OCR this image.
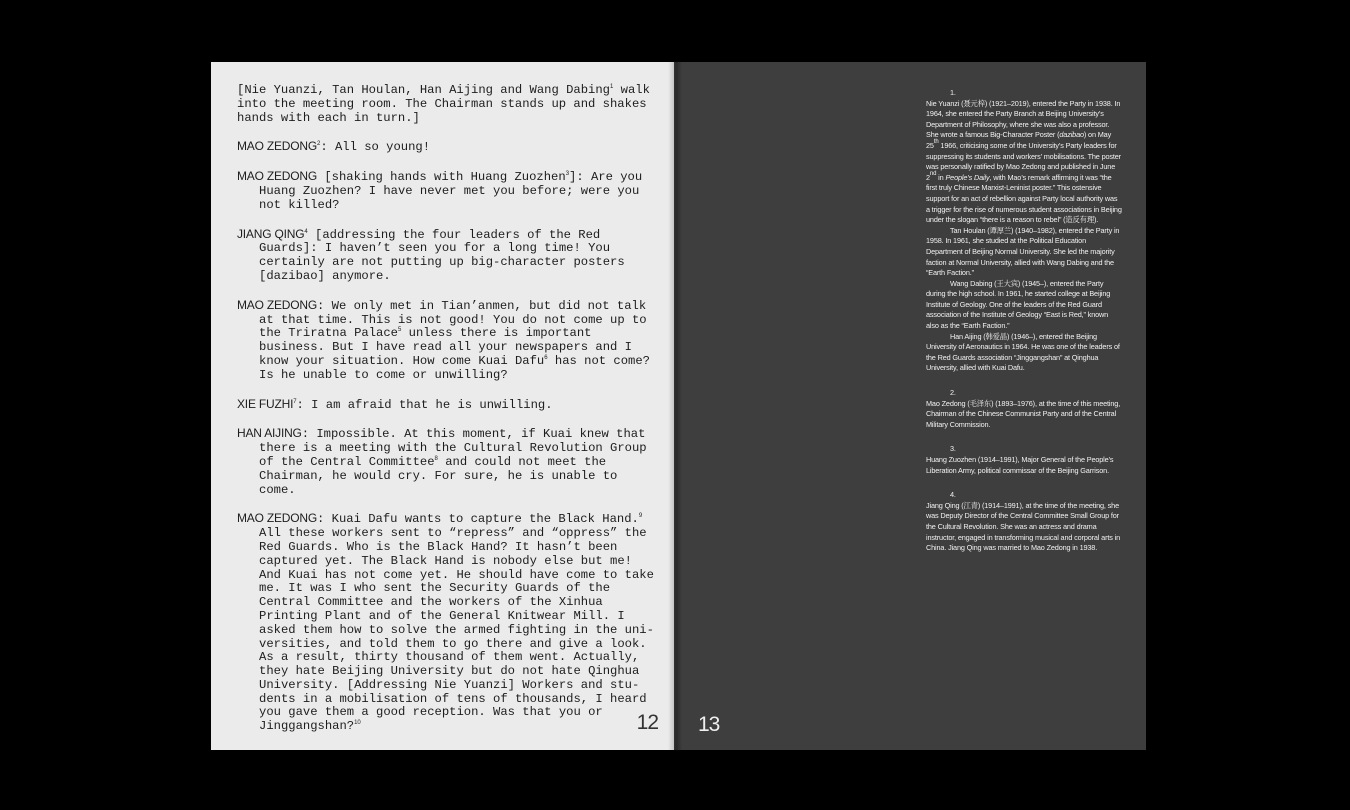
[Nie Yuanzi, Tan Houlan, Han Aijing and Wang Dabing$^1$ walk into the meeting room. The Chairman stands up and shakes hands with each in turn.]
MAO ZEDONG$^2$: All so young!
MAO ZEDONG [shaking hands with Huang Zuozhen$^3$]: Are you Huang Zuozhen? I have never met you before; were you not killed?
JIANG QING$^4$ [addressing the four leaders of the Red Guards]: I haven’t seen you for a long time! You certainly are not putting up big-character posters [dazibao] anymore.
MAO ZEDONG: We only met in Tian’anmen, but did not talk at that time. This is not good! You do not come up to the Triratna Palace$^5$ unless there is important business. But I have read all your newspapers and I know your situation. How come Kuai Dafu$^6$ has not come? Is he unable to come or unwilling?
XIE FUZHI$^7$: I am afraid that he is unwilling.
HAN AIJING: Impossible. At this moment, if Kuai knew that there is a meeting with the Cultural Revolution Group of the Central Committee$^8$ and could not meet the Chairman, he would cry. For sure, he is unable to come.
MAO ZEDONG: Kuai Dafu wants to capture the Black Hand.$^9$ All these workers sent to “repress” and “oppress” the Red Guards. Who is the Black Hand? It hasn’t been captured yet. The Black Hand is nobody else but me! And Kuai has not come yet. He should have come to take me. It was I who sent the Security Guards of the Central Committee and the workers of the Xinhua Printing Plant and of the General Knitwear Mill. I asked them how to solve the armed fighting in the universities, and told them to go there and give a look. As a result, thirty thousand of them went. Actually, they hate Beijing University but do not hate Qinghua University. [Addressing Nie Yuanzi] Workers and students in a mobilisation of tens of thousands, I heard you gave them a good reception. Was that you or Jinggangshan?$^{10}$	12
1.
Nie Yuanzi (聂元梓) (1921–2019), entered the Party in 1938. In 1964, she entered the Party Branch at Beijing University’s Department of Philosophy, where she was also a professor. She wrote a famous Big-Character Poster (dazibao) on May 25th 1966, criticising some of the University’s Party leaders for suppressing its students and workers’ mobilisations. The poster was personally ratified by Mao Zedong and published in June 2nd in People’s Daily, with Mao’s remark affirming it was “the first truly Chinese Marxist-Leninist poster.” This ostensive support for an act of rebellion against Party local authority was a trigger for the rise of numerous student associations in Beijing under the slogan “there is a reason to rebel” (造反有理).
Tan Houlan (谭厚兰) (1940–1982), entered the Party in 1958. In 1961, she studied at the Political Education Department of Beijing Normal University. She led the majority faction at Normal University, allied with Wang Dabing and the “Earth Faction.”
Wang Dabing (王大宾) (1945–), entered the Party during the high school. In 1961, he started college at Beijing Institute of Geology. One of the leaders of the Red Guard association of the Institute of Geology “East is Red,” known also as the “Earth Faction.”
Han Aijing (韩爱晶) (1946–), entered the Beijing University of Aeronautics in 1964. He was one of the leaders of the Red Guards association “Jinggangshan” at Qinghua University, allied with Kuai Dafu.
2.
Mao Zedong (毛泽东) (1893–1976), at the time of this meeting, Chairman of the Chinese Communist Party and of the Central Military Commission.
3.
Huang Zuozhen (1914–1991), Major General of the People’s Liberation Army, political commissar of the Beijing Garrison.
4.
Jiang Qing (江青) (1914–1991), at the time of the meeting, she was Deputy Director of the Central Committee Small Group for the Cultural Revolution. She was an actress and drama instructor, engaged in transforming musical and corporal arts in China. Jiang Qing was married to Mao Zedong in 1938.
13
